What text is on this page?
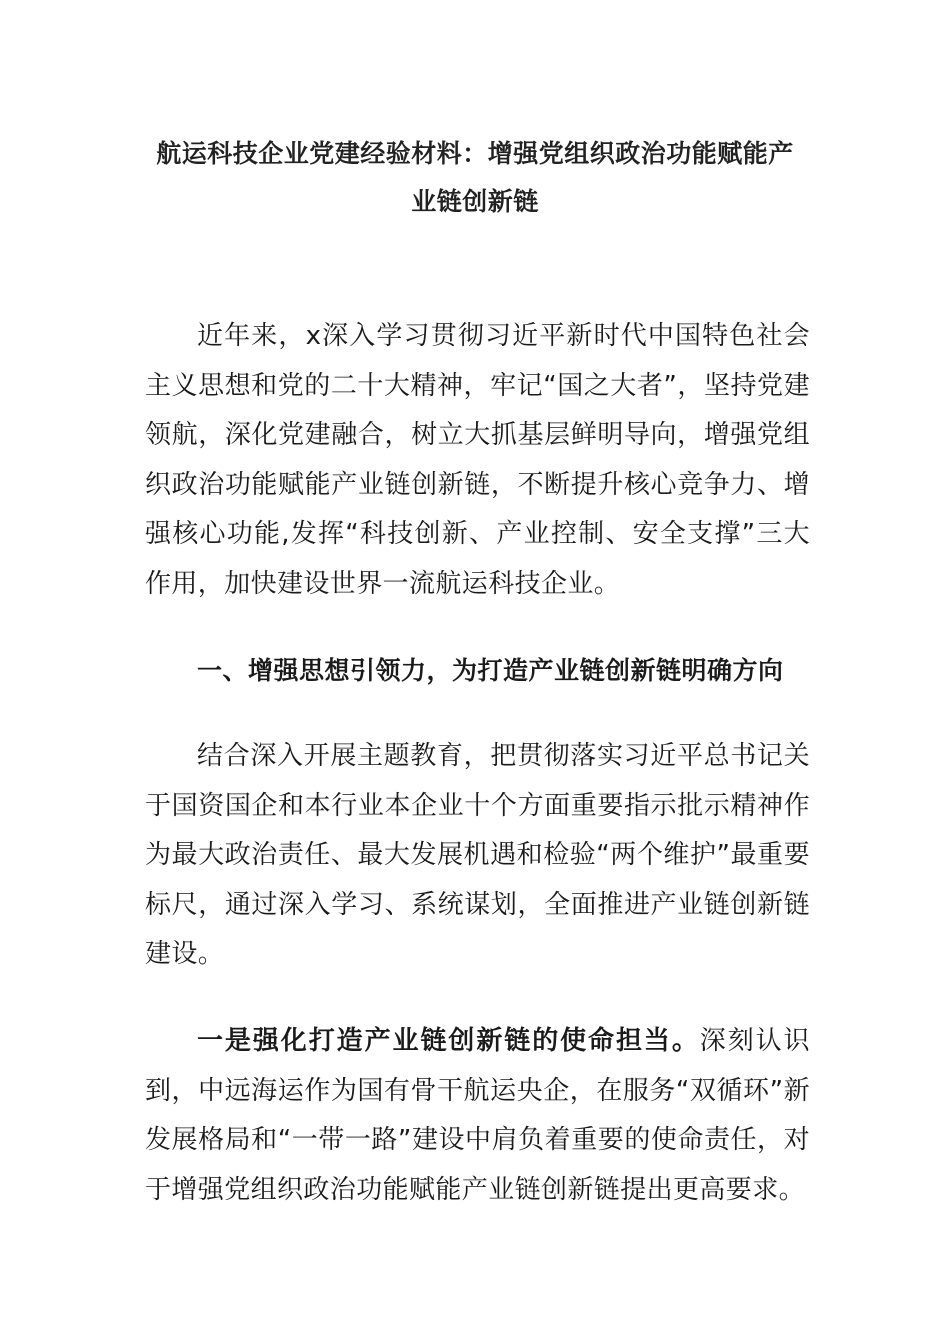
航运科技企业党建经验材料：增强党组织政治功能赋能产业链创新链

近年来，x深入学习贯彻习近平新时代中国特色社会主义思想和党的二十大精神，牢记“国之大者”，坚持党建领航，深化党建融合，树立大抓基层鲜明导向，增强党组织政治功能赋能产业链创新链，不断提升核心竞争力、增强核心功能,发挥“科技创新、产业控制、安全支撑”三大作用，加快建设世界一流航运科技企业。

一、增强思想引领力，为打造产业链创新链明确方向

结合深入开展主题教育，把贯彻落实习近平总书记关于国资国企和本行业本企业十个方面重要指示批示精神作为最大政治责任、最大发展机遇和检验“两个维护”最重要标尺，通过深入学习、系统谋划，全面推进产业链创新链建设。

一是强化打造产业链创新链的使命担当。深刻认识到，中远海运作为国有骨干航运央企，在服务“双循环”新发展格局和“一带一路”建设中肩负着重要的使命责任，对于增强党组织政治功能赋能产业链创新链提出更高要求。
